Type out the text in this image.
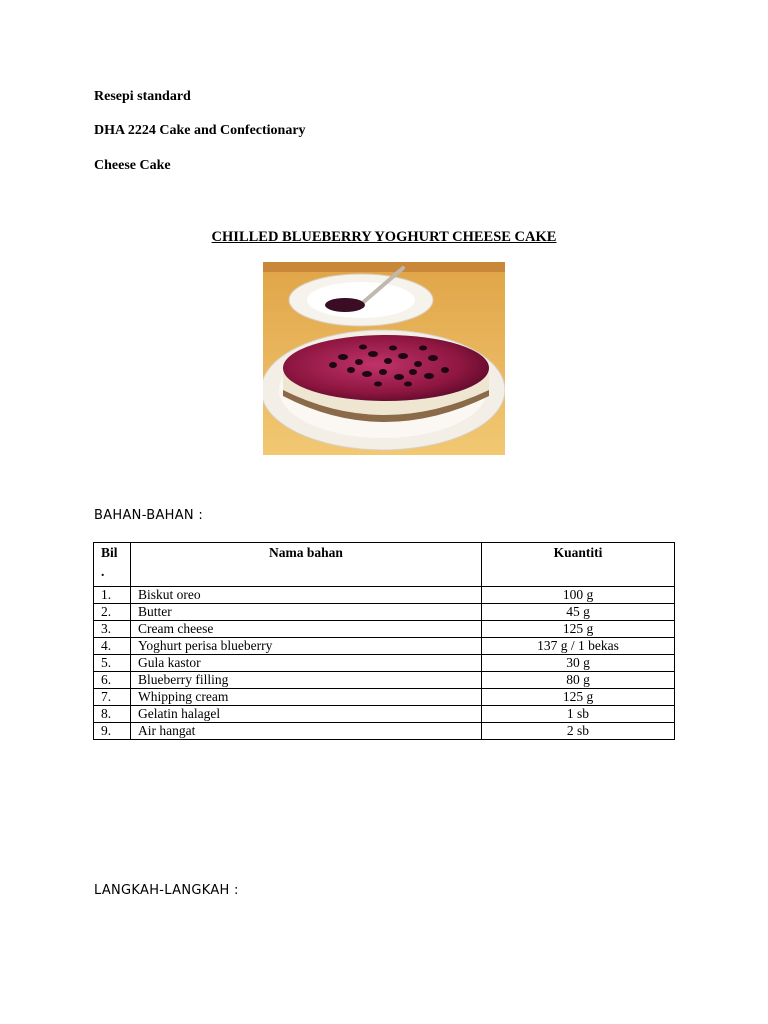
Resepi standard
DHA 2224 Cake and Confectionary
Cheese Cake
CHILLED BLUEBERRY YOGHURT CHEESE CAKE
BAHAN-BAHAN :
Bil
.	Nama bahan	Kuantiti
1.	Biskut oreo	100 g
2.	Butter	45 g
3.	Cream cheese	125 g
4.	Yoghurt perisa blueberry	137 g / 1 bekas
5.	Gula kastor	30 g
6.	Blueberry filling	80 g
7.	Whipping cream	125 g
8.	Gelatin halagel	1 sb
9.	Air hangat	2 sb
LANGKAH-LANGKAH :
